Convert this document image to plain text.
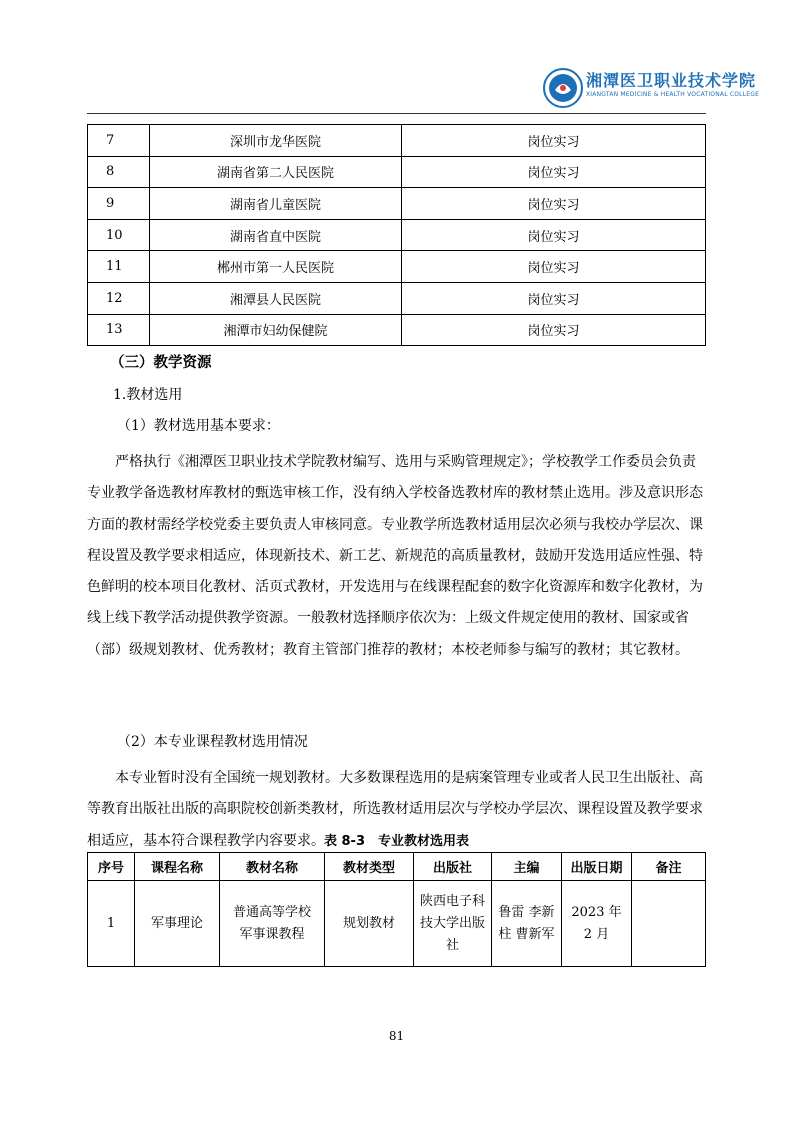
湘潭医卫职业技术学院
XIANGTAN MEDICINE & HEALTH VOCATIONAL COLLEGE
7	深圳市龙华医院	岗位实习
8	湖南省第二人民医院	岗位实习
9	湖南省儿童医院	岗位实习
10	湖南省直中医院	岗位实习
11	郴州市第一人民医院	岗位实习
12	湘潭县人民医院	岗位实习
13	湘潭市妇幼保健院	岗位实习
（三）教学资源
1.教材选用
（1）教材选用基本要求：

严格执行《湘潭医卫职业技术学院教材编写、选用与采购管理规定》；学校教学工作委员会负责专业教学备选教材库教材的甄选审核工作，没有纳入学校备选教材库的教材禁止选用。涉及意识形态方面的教材需经学校党委主要负责人审核同意。专业教学所选教材适用层次必须与我校办学层次、课程设置及教学要求相适应，体现新技术、新工艺、新规范的高质量教材，鼓励开发选用适应性强、特色鲜明的校本项目化教材、活页式教材，开发选用与在线课程配套的数字化资源库和数字化教材，为线上线下教学活动提供教学资源。一般教材选择顺序依次为：上级文件规定使用的教材、国家或省（部）级规划教材、优秀教材；教育主管部门推荐的教材；本校老师参与编写的教材；其它教材。

（2）本专业课程教材选用情况

本专业暂时没有全国统一规划教材。大多数课程选用的是病案管理专业或者人民卫生出版社、高等教育出版社出版的高职院校创新类教材，所选教材适用层次与学校办学层次、课程设置及教学要求相适应，基本符合课程教学内容要求。

表 8-3　专业教材选用表
序号	课程名称	教材名称	教材类型	出版社	主编	出版日期	备注
1	军事理论	普通高等学校军事课教程	规划教材	陕西电子科技大学出版社	鲁雷 李新柱 曹新军	2023 年 2 月	
81
